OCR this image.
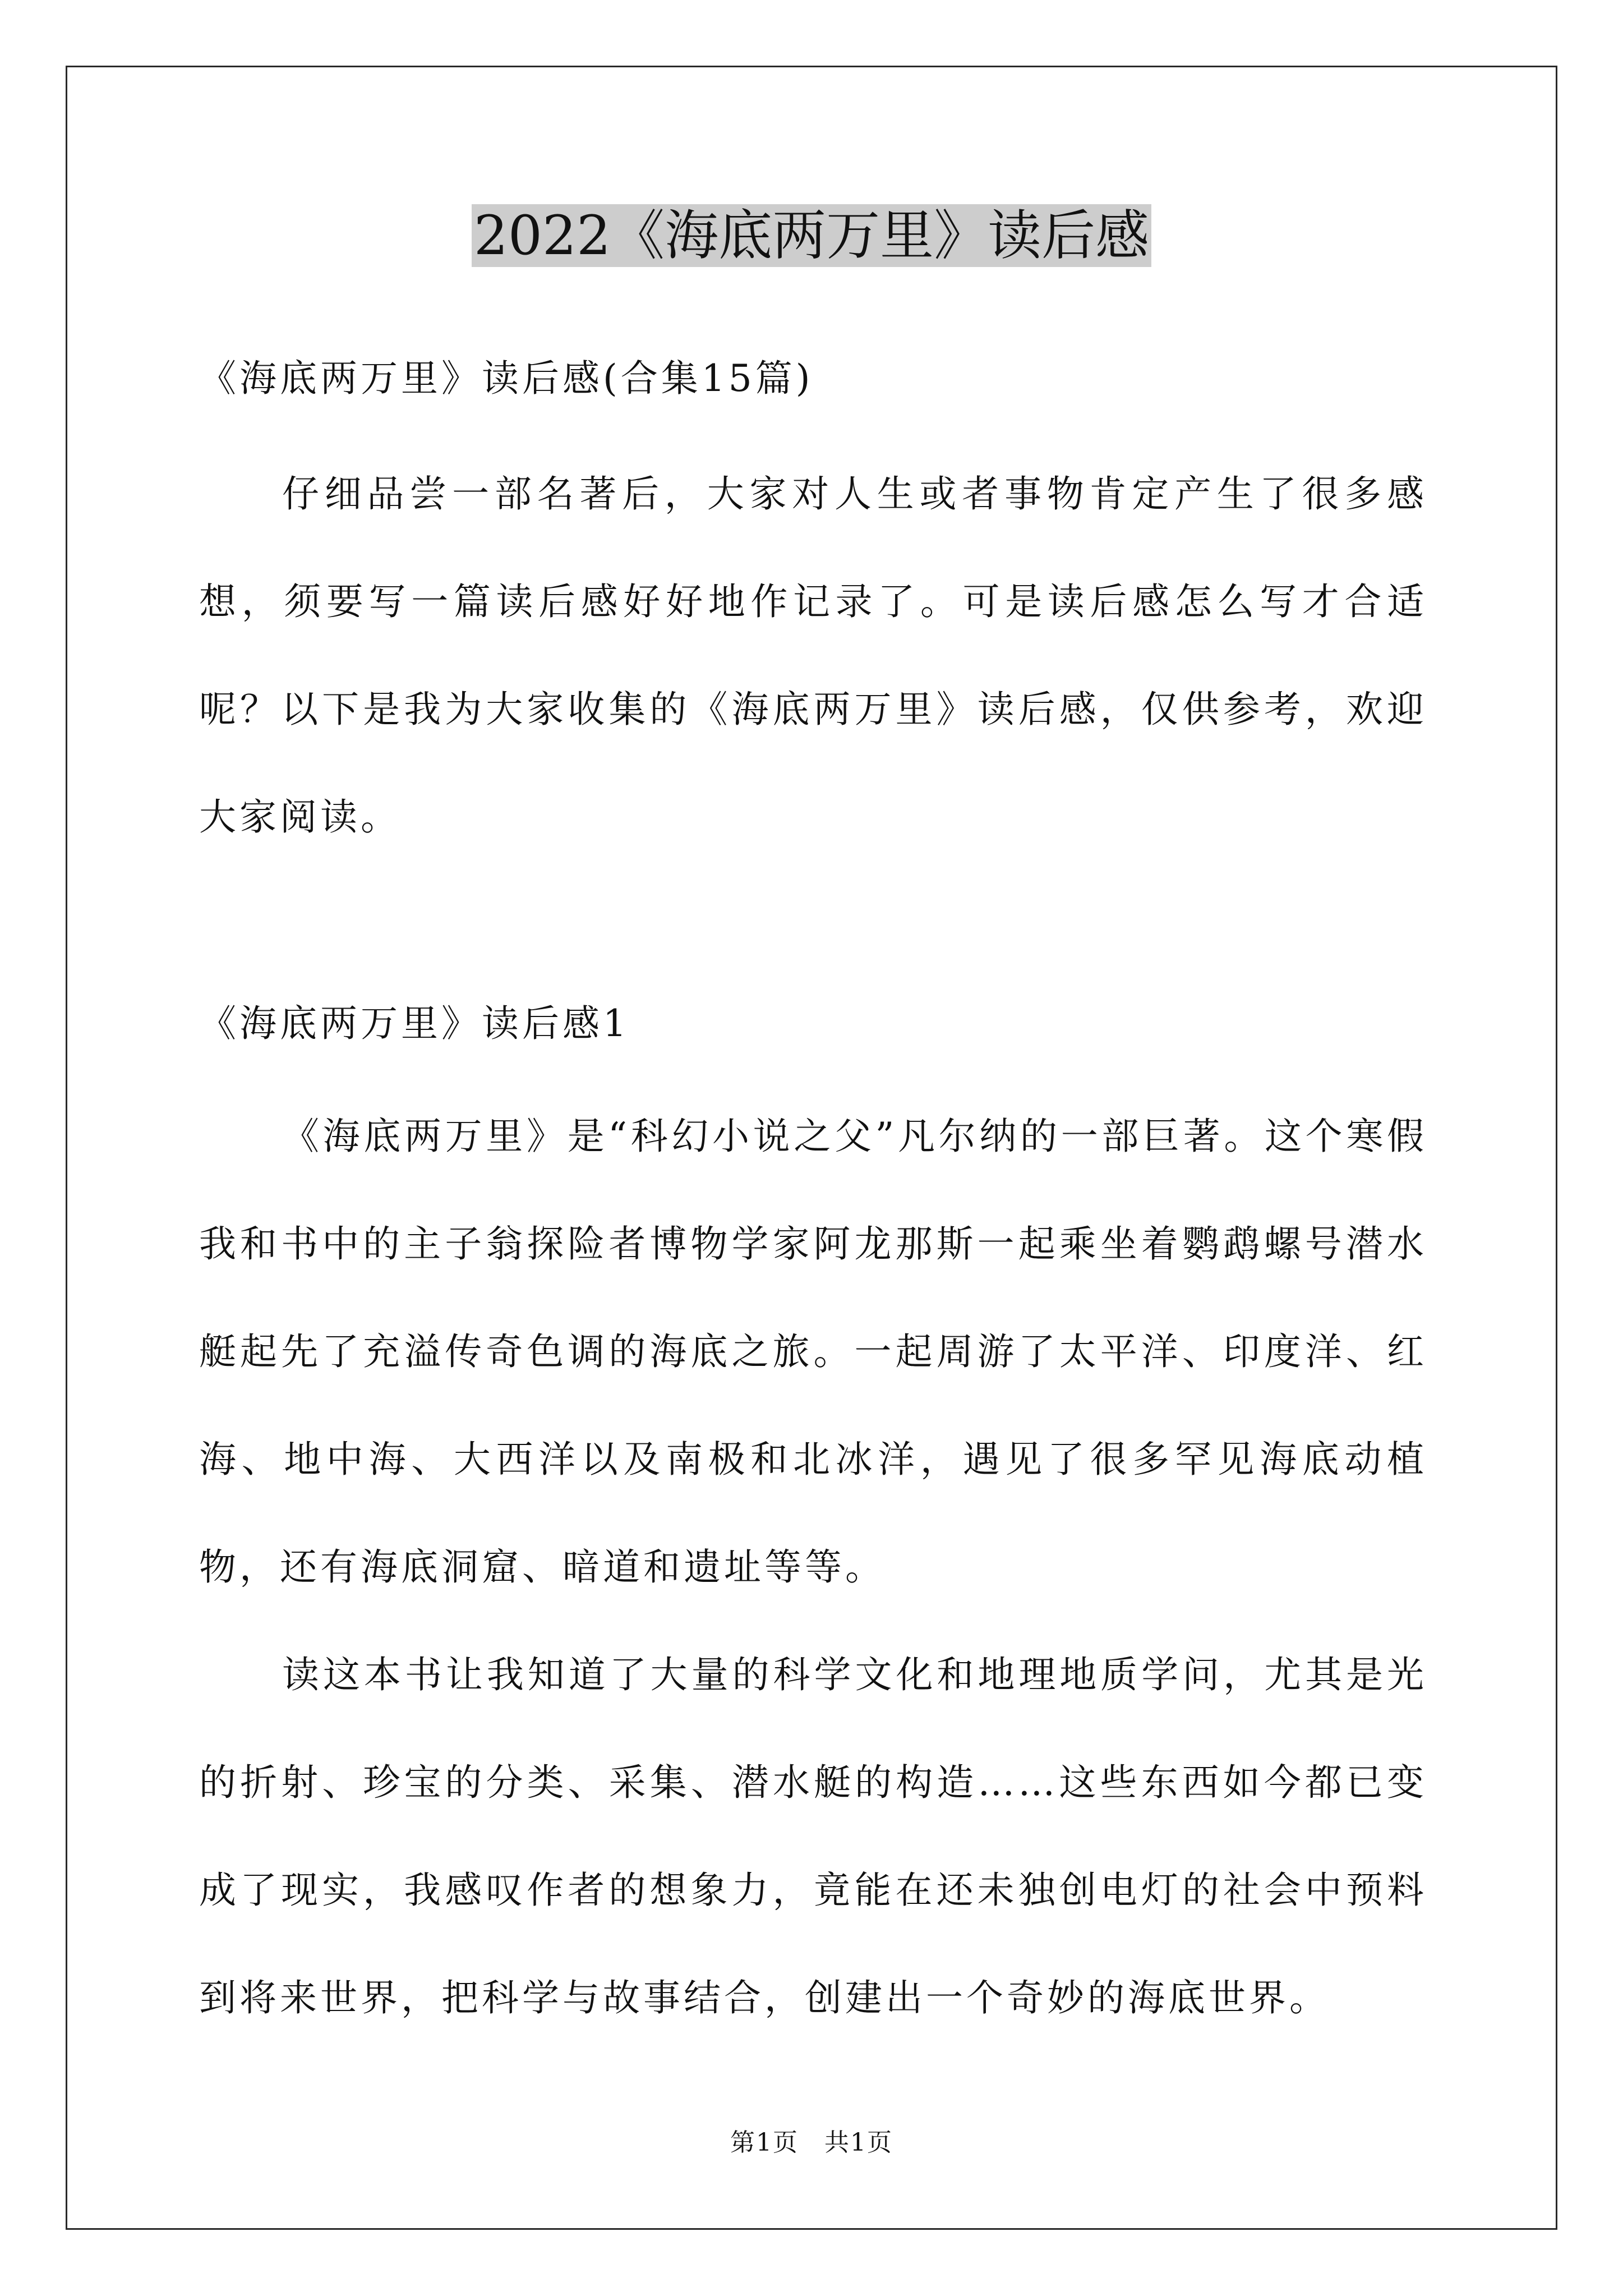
2022《海底两万里》读后感
《海底两万里》读后感(合集15篇)
仔细品尝一部名著后，大家对人生或者事物肯定产生了很多感想，须要写一篇读后感好好地作记录了。可是读后感怎么写才合适呢？以下是我为大家收集的《海底两万里》读后感，仅供参考，欢迎大家阅读。
《海底两万里》读后感1
《海底两万里》是“科幻小说之父”凡尔纳的一部巨著。这个寒假我和书中的主子翁探险者博物学家阿龙那斯一起乘坐着鹦鹉螺号潜水艇起先了充溢传奇色调的海底之旅。一起周游了太平洋、印度洋、红海、地中海、大西洋以及南极和北冰洋，遇见了很多罕见海底动植物，还有海底洞窟、暗道和遗址等等。
读这本书让我知道了大量的科学文化和地理地质学问，尤其是光的折射、珍宝的分类、采集、潜水艇的构造……这些东西如今都已变成了现实，我感叹作者的想象力，竟能在还未独创电灯的社会中预料到将来世界，把科学与故事结合，创建出一个奇妙的海底世界。
第1页　共1页
